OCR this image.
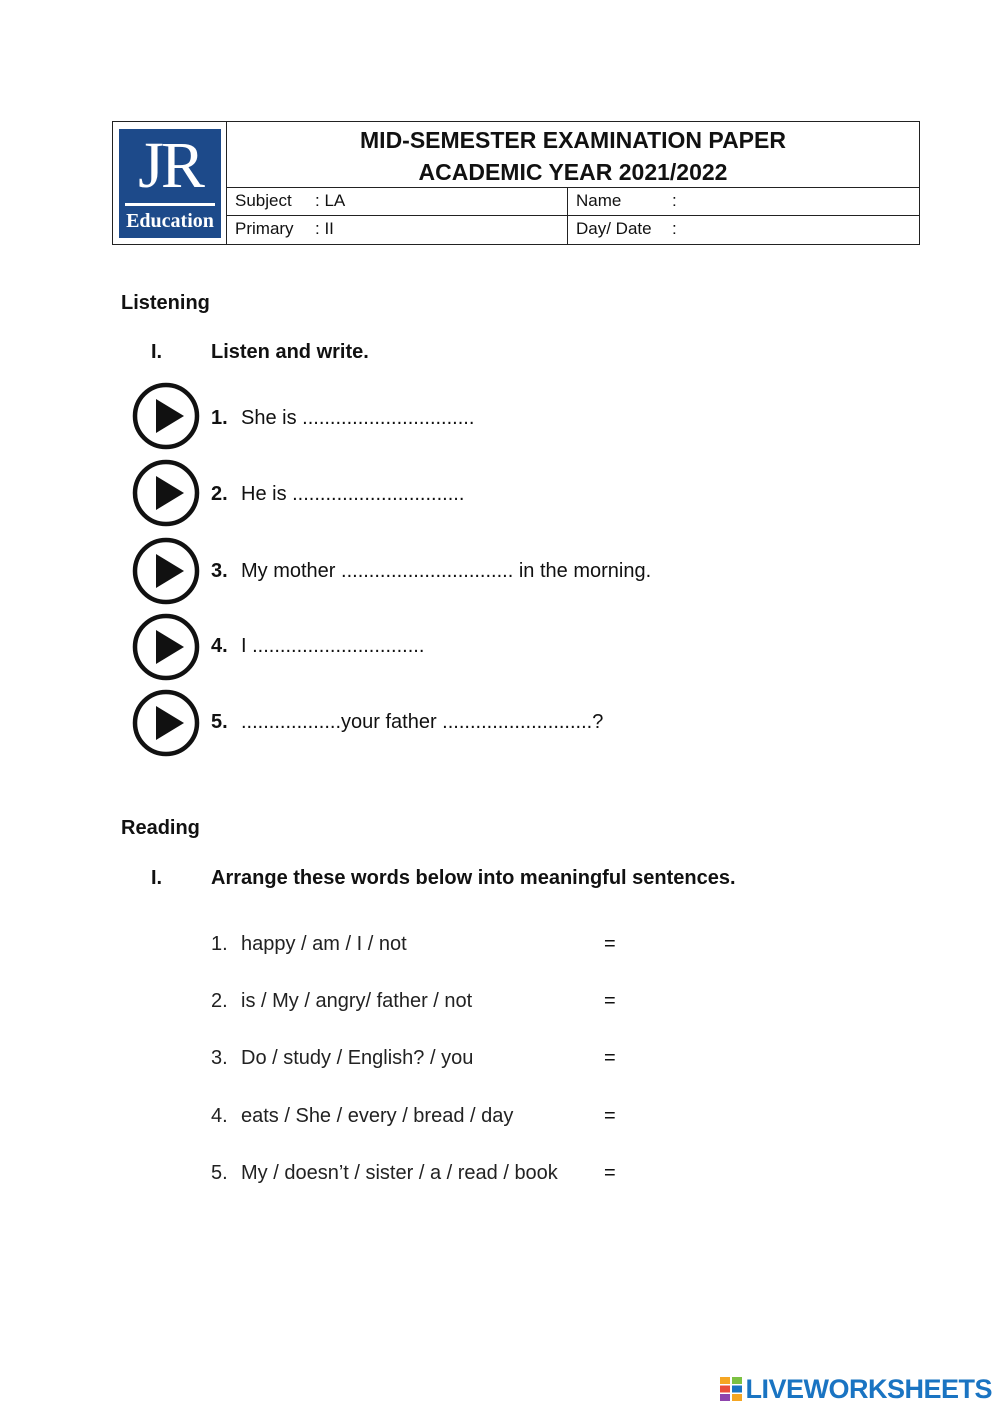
JR
Education
MID-SEMESTER EXAMINATION PAPER
ACADEMIC YEAR 2021/2022
Subject : LA	Name	:
Primary : II	Day/ Date :
Listening
I. Listen and write.
1. She is ...............................
2. He is ...............................
3. My mother ............................... in the morning.
4. I ...............................
5. ..................your father ...........................?
Reading
I. Arrange these words below into meaningful sentences.
1. happy / am / I / not	=
2. is / My / angry/ father / not	=
3. Do / study / English? / you	=
4. eats / She / every / bread / day	=
5. My / doesn’t / sister / a / read / book =
LIVEWORKSHEETS
